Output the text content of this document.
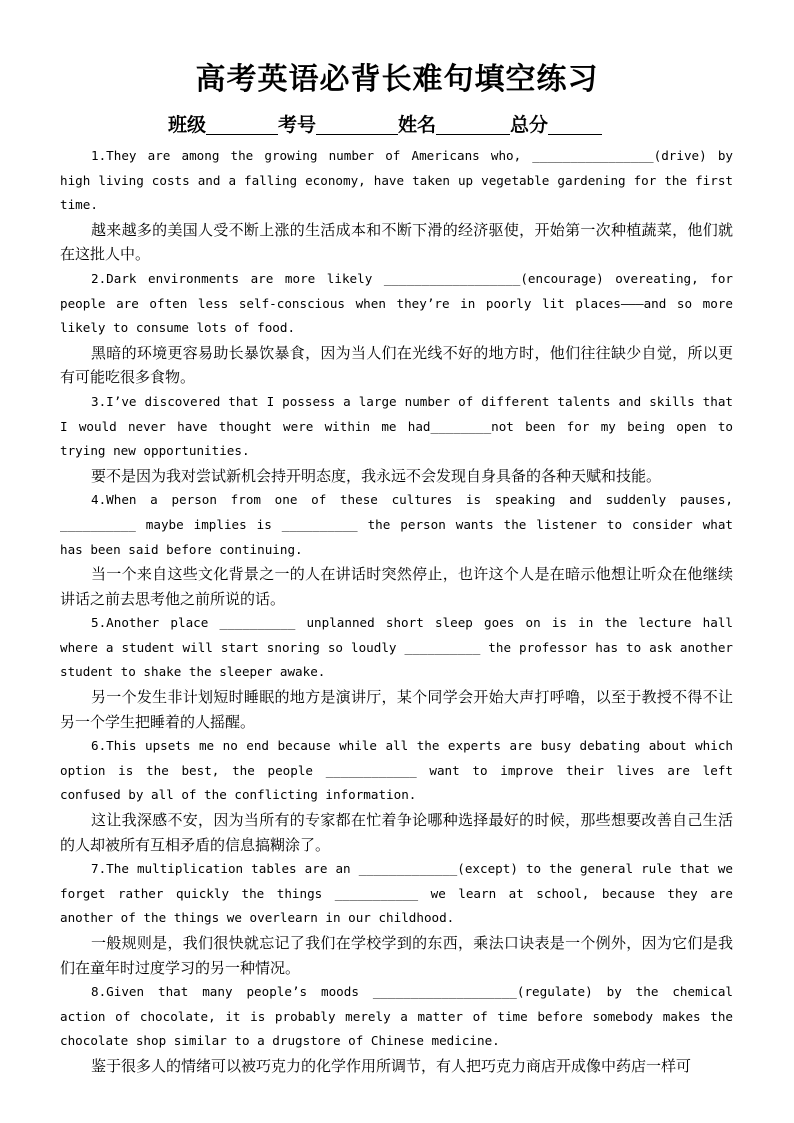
高考英语必背长难句填空练习
班级	考号	姓名	总分

1.They are among the growing number of Americans who, ________________(drive) by high living costs and a falling economy, have taken up vegetable gardening for the first time.

越来越多的美国人受不断上涨的生活成本和不断下滑的经济驱使，开始第一次种植蔬菜，他们就在这批人中。

2.Dark environments are more likely __________________(encourage) overeating, for people are often less self-conscious when they’re in poorly lit places———and so more likely to consume lots of food.

黑暗的环境更容易助长暴饮暴食，因为当人们在光线不好的地方时，他们往往缺少自觉，所以更有可能吃很多食物。

3.I’ve discovered that I possess a large number of different talents and skills that I would never have thought were within me had________not been for my being open to trying new opportunities.

要不是因为我对尝试新机会持开明态度，我永远不会发现自身具备的各种天赋和技能。

4.When a person from one of these cultures is speaking and suddenly pauses, __________ maybe implies is __________ the person wants the listener to consider what has been said before continuing.

当一个来自这些文化背景之一的人在讲话时突然停止，也许这个人是在暗示他想让听众在他继续讲话之前去思考他之前所说的话。

5.Another place __________ unplanned short sleep goes on is in the lecture hall where a student will start snoring so loudly __________ the professor has to ask another student to shake the sleeper awake.

另一个发生非计划短时睡眠的地方是演讲厅，某个同学会开始大声打呼噜，以至于教授不得不让另一个学生把睡着的人摇醒。

6.This upsets me no end because while all the experts are busy debating about which option is the best, the people ____________ want to improve their lives are left confused by all of the conflicting information.

这让我深感不安，因为当所有的专家都在忙着争论哪种选择最好的时候，那些想要改善自己生活的人却被所有互相矛盾的信息搞糊涂了。

7.The multiplication tables are an _____________(except) to the general rule that we forget rather quickly the things ___________ we learn at school, because they are another of the things we overlearn in our childhood.

一般规则是，我们很快就忘记了我们在学校学到的东西，乘法口诀表是一个例外，因为它们是我们在童年时过度学习的另一种情况。

8.Given that many people’s moods ___________________(regulate) by the chemical action of chocolate, it is probably merely a matter of time before somebody makes the chocolate shop similar to a drugstore of Chinese medicine.

鉴于很多人的情绪可以被巧克力的化学作用所调节，有人把巧克力商店开成像中药店一样可
